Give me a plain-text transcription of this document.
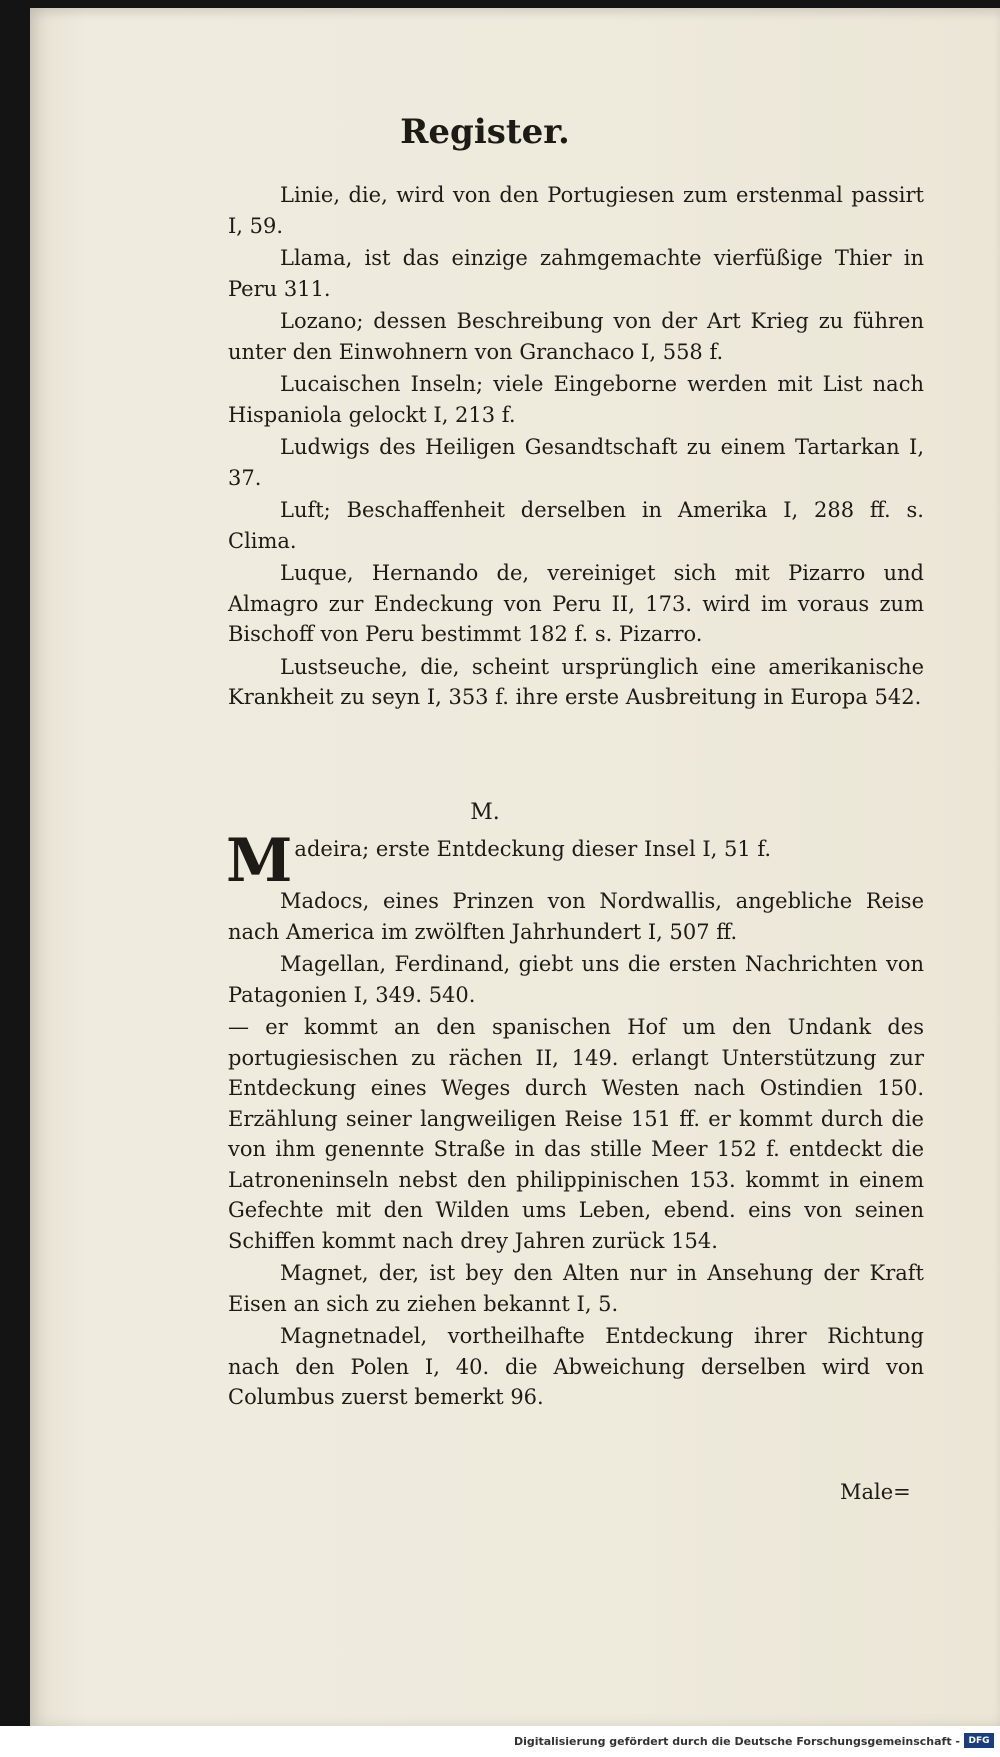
Register.

Linie, die, wird von den Portugiesen zum erstenmal passirt I, 59.

Llama, ist das einzige zahmgemachte vierfüßige Thier in Peru 311.

Lozano; dessen Beschreibung von der Art Krieg zu führen unter den Einwohnern von Granchaco I, 558 f.

Lucaischen Inseln; viele Eingeborne werden mit List nach Hispaniola gelockt I, 213 f.

Ludwigs des Heiligen Gesandtschaft zu einem Tartarkan I, 37.

Luft; Beschaffenheit derselben in Amerika I, 288 ff. s. Clima.

Luque, Hernando de, vereiniget sich mit Pizarro und Almagro zur Endeckung von Peru II, 173. wird im voraus zum Bischoff von Peru bestimmt 182 f. s. Pizarro.

Lustseuche, die, scheint ursprünglich eine amerikanische Krankheit zu seyn I, 353 f. ihre erste Ausbreitung in Europa 542.

M.

Madeira; erste Entdeckung dieser Insel I, 51 f.

Madocs, eines Prinzen von Nordwallis, angebliche Reise nach America im zwölften Jahrhundert I, 507 ff.

Magellan, Ferdinand, giebt uns die ersten Nachrichten von Patagonien I, 349. 540.

— er kommt an den spanischen Hof um den Undank des portugiesischen zu rächen II, 149. erlangt Unterstützung zur Entdeckung eines Weges durch Westen nach Ostindien 150. Erzählung seiner langweiligen Reise 151 ff. er kommt durch die von ihm genennte Straße in das stille Meer 152 f. entdeckt die Latroneninseln nebst den philippinischen 153. kommt in einem Gefechte mit den Wilden ums Leben, ebend. eins von seinen Schiffen kommt nach drey Jahren zurück 154.

Magnet, der, ist bey den Alten nur in Ansehung der Kraft Eisen an sich zu ziehen bekannt I, 5.

Magnetnadel, vortheilhafte Entdeckung ihrer Richtung nach den Polen I, 40. die Abweichung derselben wird von Columbus zuerst bemerkt 96.

Male=
Digitalisierung gefördert durch die Deutsche Forschungsgemeinschaft - DFG
